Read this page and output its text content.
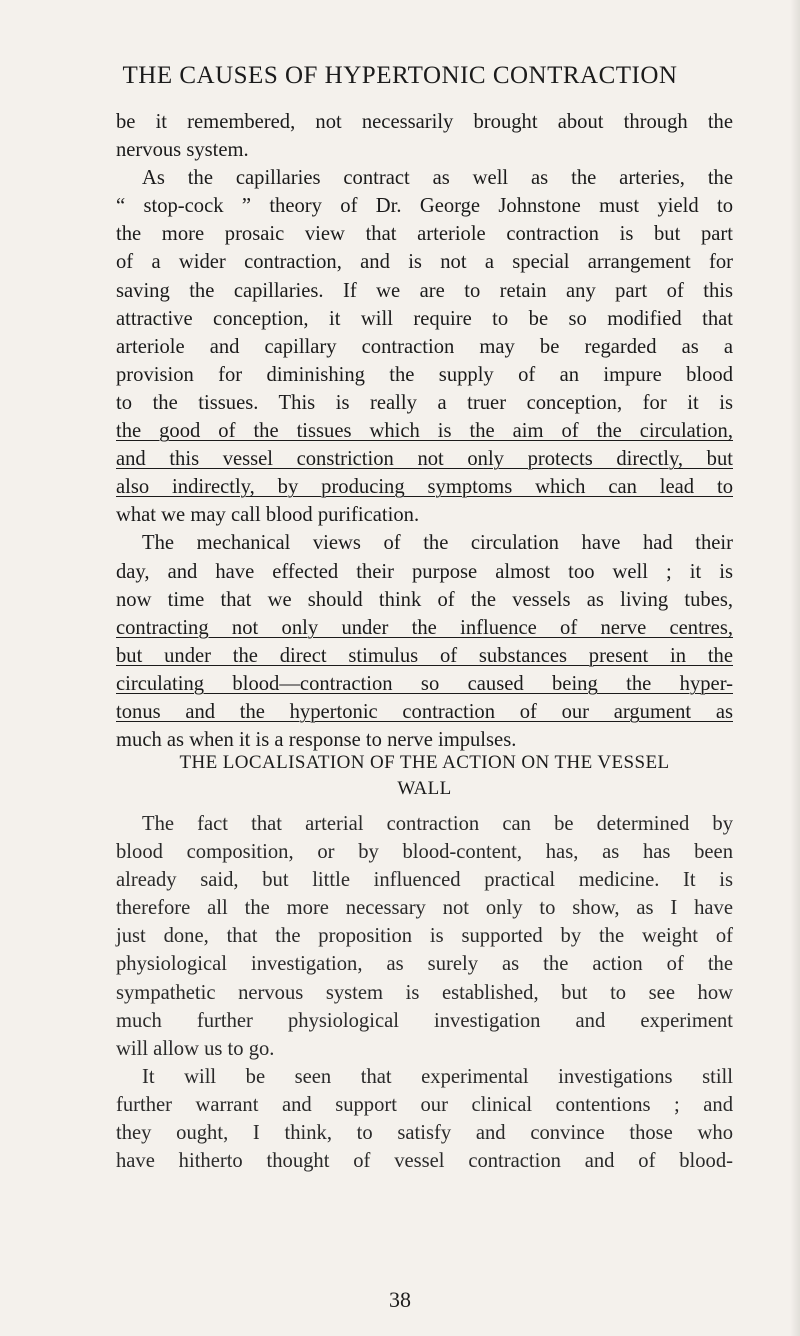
THE CAUSES OF HYPERTONIC CONTRACTION
be it remembered, not necessarily brought about through the
nervous system.
As the capillaries contract as well as the arteries, the
“ stop-cock ” theory of Dr. George Johnstone must yield to
the more prosaic view that arteriole contraction is but part
of a wider contraction, and is not a special arrangement for
saving the capillaries. If we are to retain any part of this
attractive conception, it will require to be so modified that
arteriole and capillary contraction may be regarded as a
provision for diminishing the supply of an impure blood
to the tissues. This is really a truer conception, for it is
the good of the tissues which is the aim of the circulation,
and this vessel constriction not only protects directly, but
also indirectly, by producing symptoms which can lead to
what we may call blood purification.
The mechanical views of the circulation have had their
day, and have effected their purpose almost too well ; it is
now time that we should think of the vessels as living tubes,
contracting not only under the influence of nerve centres,
but under the direct stimulus of substances present in the
circulating blood—contraction so caused being the hyper-
tonus and the hypertonic contraction of our argument as
much as when it is a response to nerve impulses.
THE LOCALISATION OF THE ACTION ON THE VESSEL
WALL
The fact that arterial contraction can be determined by
blood composition, or by blood-content, has, as has been
already said, but little influenced practical medicine. It is
therefore all the more necessary not only to show, as I have
just done, that the proposition is supported by the weight of
physiological investigation, as surely as the action of the
sympathetic nervous system is established, but to see how
much further physiological investigation and experiment
will allow us to go.
It will be seen that experimental investigations still
further warrant and support our clinical contentions ; and
they ought, I think, to satisfy and convince those who
have hitherto thought of vessel contraction and of blood-
38
